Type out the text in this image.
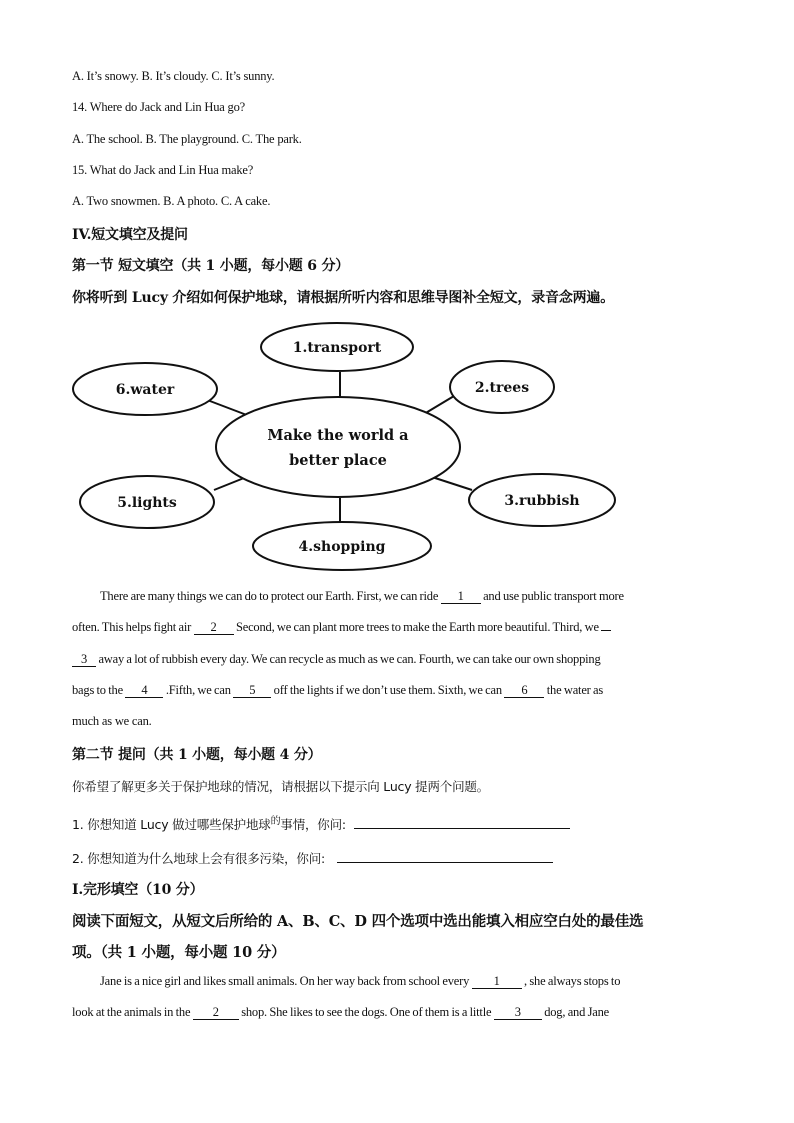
A. It’s snowy. B. It’s cloudy. C. It’s sunny.
14. Where do Jack and Lin Hua go?
A. The school. B. The playground. C. The park.
15. What do Jack and Lin Hua make?
A. Two snowmen. B. A photo. C. A cake.
IV.短文填空及提问
第一节 短文填空（共 1 小题，每小题 6 分）
你将听到 Lucy 介绍如何保护地球，请根据所听内容和思维导图补全短文，录音念两遍。
1.transport
6.water	2.trees
Make the world a
better place
5.lights	3.rubbish
4.shopping
There are many things we can do to protect our Earth. First, we can ride 1 and use public transport more
often. This helps fight air 2 Second, we can plant more trees to make the Earth more beautiful. Third, we
3 away a lot of rubbish every day. We can recycle as much as we can. Fourth, we can take our own shopping
bags to the 4 .Fifth, we can 5 off the lights if we don’t use them. Sixth, we can 6 the water as
much as we can.
第二节 提问（共 1 小题，每小题 4 分）
你希望了解更多关于保护地球的情况，请根据以下提示向 Lucy 提两个问题。
1. 你想知道 Lucy 做过哪些保护地球$^的$事情，你问:
2. 你想知道为什么地球上会有很多污染，你问:
I.完形填空（10 分）
阅读下面短文，从短文后所给的 A、B、C、D 四个选项中选出能填入相应空白处的最佳选
项。（共 1 小题，每小题 10 分）
Jane is a nice girl and likes small animals. On her way back from school every 1 , she always stops to
look at the animals in the 2 shop. She likes to see the dogs. One of them is a little 3 dog, and Jane
